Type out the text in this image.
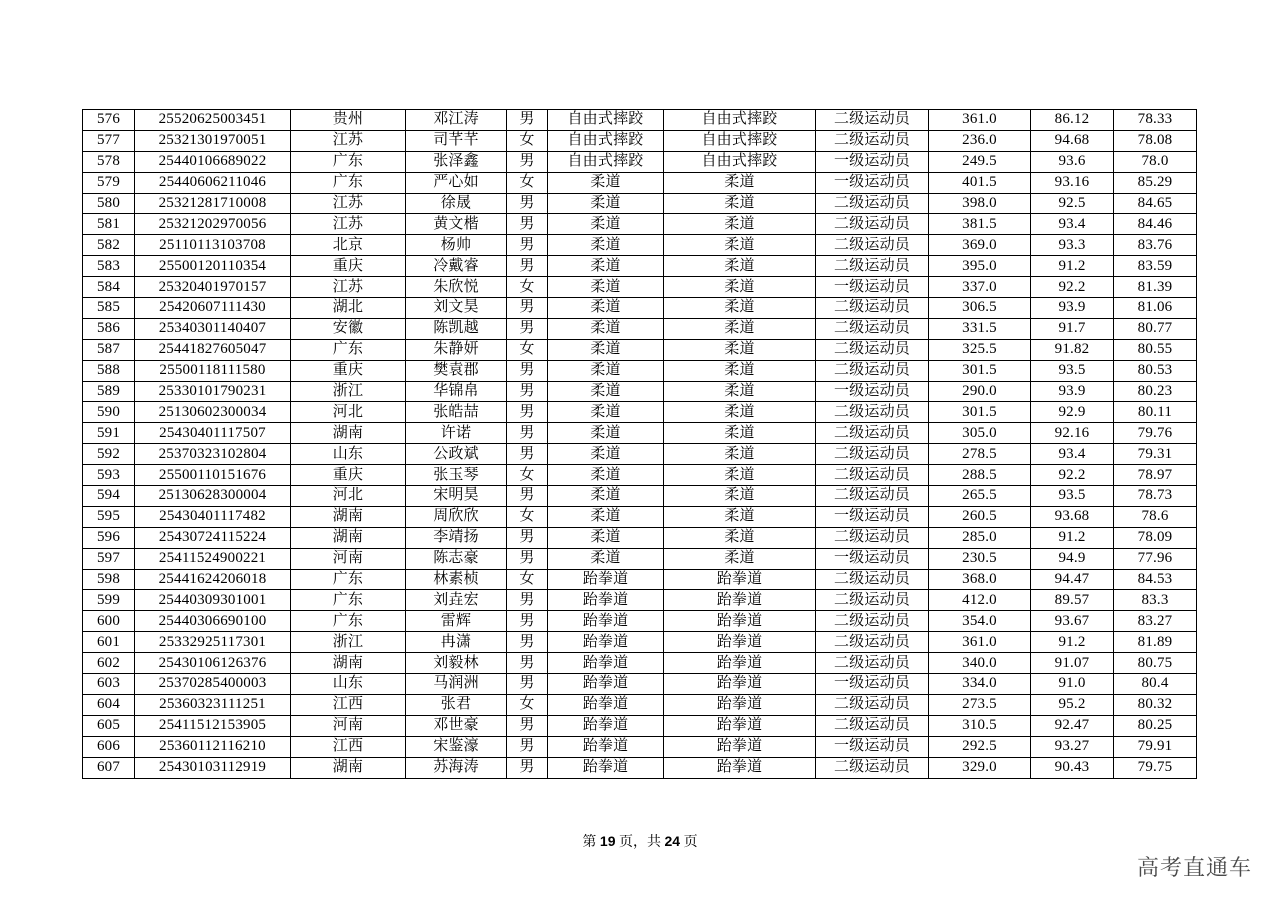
576	25520625003451	贵州	邓江涛	男	自由式摔跤	自由式摔跤	二级运动员	361.0	86.12	78.33
577	25321301970051	江苏	司芊芊	女	自由式摔跤	自由式摔跤	二级运动员	236.0	94.68	78.08
578	25440106689022	广东	张泽鑫	男	自由式摔跤	自由式摔跤	一级运动员	249.5	93.6	78.0
579	25440606211046	广东	严心如	女	柔道	柔道	一级运动员	401.5	93.16	85.29
580	25321281710008	江苏	徐晟	男	柔道	柔道	二级运动员	398.0	92.5	84.65
581	25321202970056	江苏	黄文楷	男	柔道	柔道	二级运动员	381.5	93.4	84.46
582	25110113103708	北京	杨帅	男	柔道	柔道	二级运动员	369.0	93.3	83.76
583	25500120110354	重庆	冷戴睿	男	柔道	柔道	二级运动员	395.0	91.2	83.59
584	25320401970157	江苏	朱欣悦	女	柔道	柔道	一级运动员	337.0	92.2	81.39
585	25420607111430	湖北	刘文昊	男	柔道	柔道	二级运动员	306.5	93.9	81.06
586	25340301140407	安徽	陈凯越	男	柔道	柔道	二级运动员	331.5	91.7	80.77
587	25441827605047	广东	朱静妍	女	柔道	柔道	二级运动员	325.5	91.82	80.55
588	25500118111580	重庆	樊袁郡	男	柔道	柔道	二级运动员	301.5	93.5	80.53
589	25330101790231	浙江	华锦帛	男	柔道	柔道	一级运动员	290.0	93.9	80.23
590	25130602300034	河北	张皓喆	男	柔道	柔道	二级运动员	301.5	92.9	80.11
591	25430401117507	湖南	许诺	男	柔道	柔道	二级运动员	305.0	92.16	79.76
592	25370323102804	山东	公政斌	男	柔道	柔道	二级运动员	278.5	93.4	79.31
593	25500110151676	重庆	张玉琴	女	柔道	柔道	二级运动员	288.5	92.2	78.97
594	25130628300004	河北	宋明昊	男	柔道	柔道	二级运动员	265.5	93.5	78.73
595	25430401117482	湖南	周欣欣	女	柔道	柔道	一级运动员	260.5	93.68	78.6
596	25430724115224	湖南	李靖扬	男	柔道	柔道	二级运动员	285.0	91.2	78.09
597	25411524900221	河南	陈志豪	男	柔道	柔道	一级运动员	230.5	94.9	77.96
598	25441624206018	广东	林素桢	女	跆拳道	跆拳道	二级运动员	368.0	94.47	84.53
599	25440309301001	广东	刘垚宏	男	跆拳道	跆拳道	二级运动员	412.0	89.57	83.3
600	25440306690100	广东	雷辉	男	跆拳道	跆拳道	二级运动员	354.0	93.67	83.27
601	25332925117301	浙江	冉潇	男	跆拳道	跆拳道	二级运动员	361.0	91.2	81.89
602	25430106126376	湖南	刘毅林	男	跆拳道	跆拳道	二级运动员	340.0	91.07	80.75
603	25370285400003	山东	马润洲	男	跆拳道	跆拳道	一级运动员	334.0	91.0	80.4
604	25360323111251	江西	张君	女	跆拳道	跆拳道	二级运动员	273.5	95.2	80.32
605	25411512153905	河南	邓世豪	男	跆拳道	跆拳道	二级运动员	310.5	92.47	80.25
606	25360112116210	江西	宋鉴濠	男	跆拳道	跆拳道	一级运动员	292.5	93.27	79.91
607	25430103112919	湖南	苏海涛	男	跆拳道	跆拳道	二级运动员	329.0	90.43	79.75
第 19 页，共 24 页
高考直通车
